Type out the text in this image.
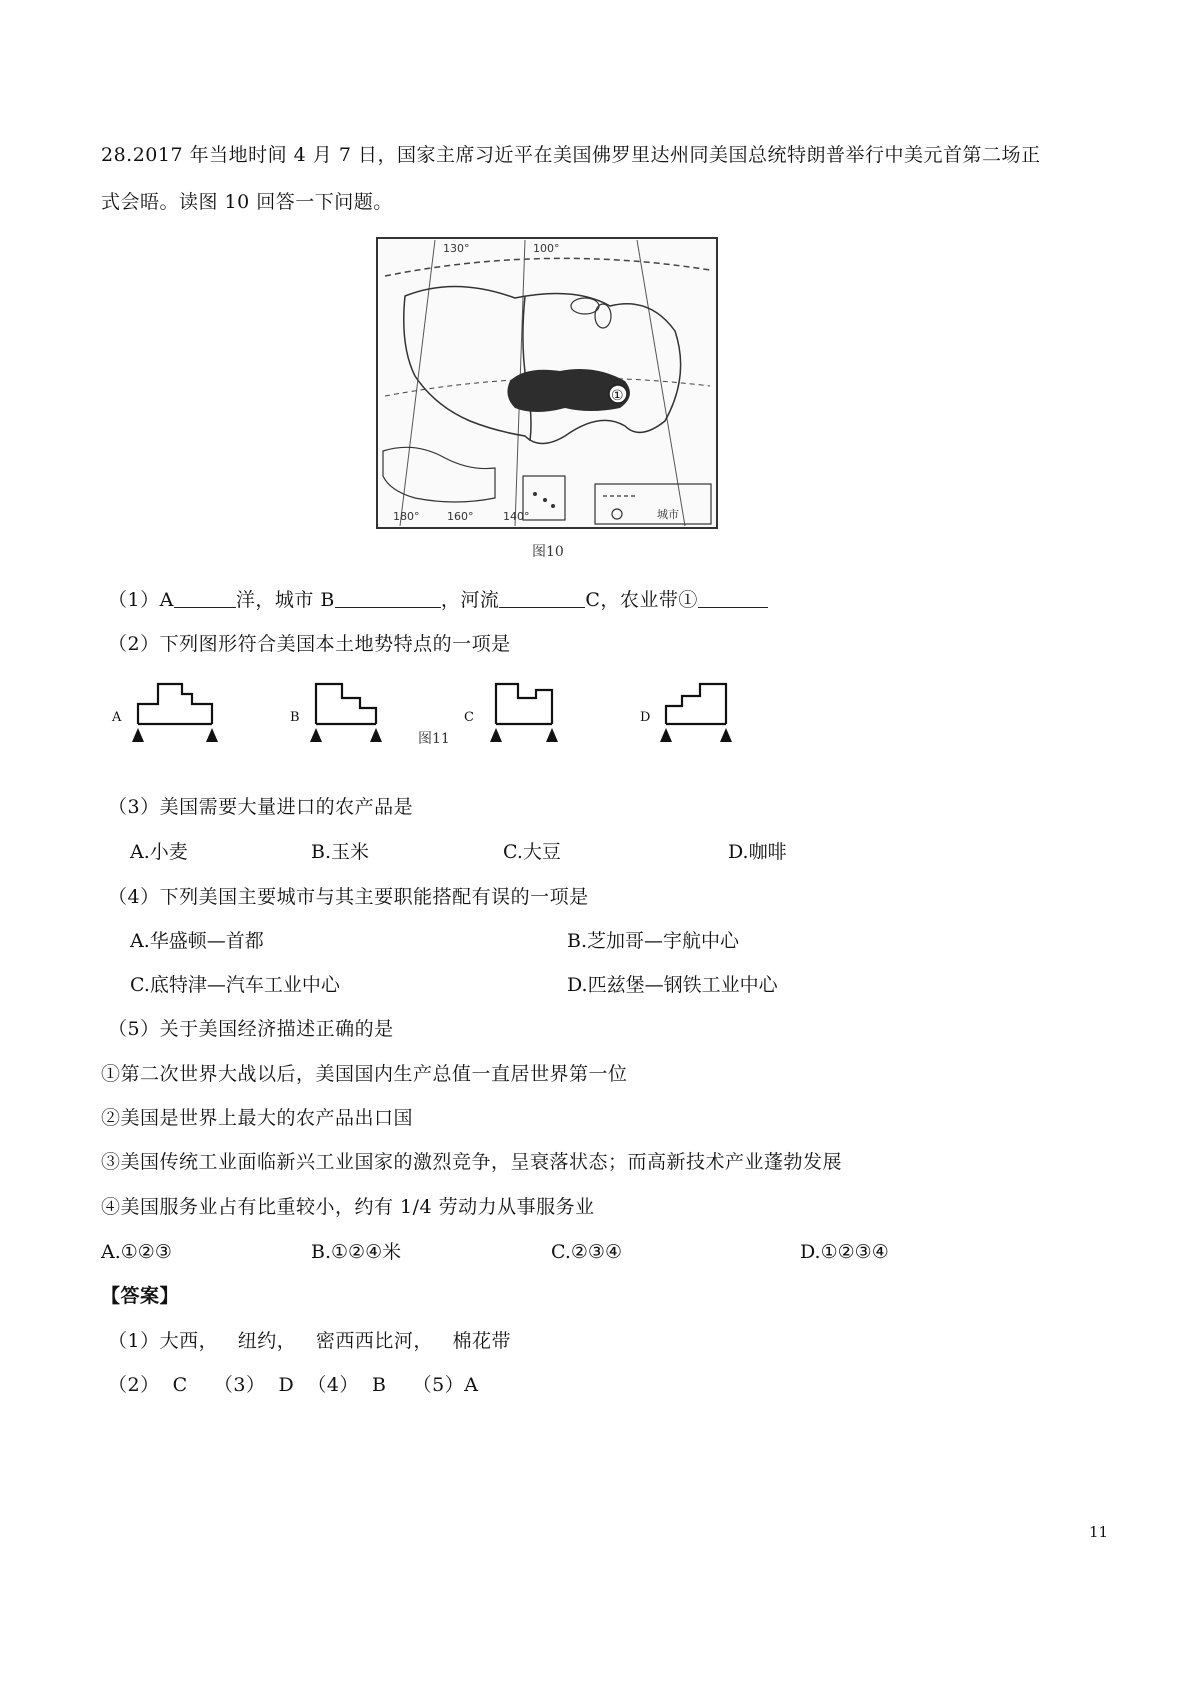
28.2017 年当地时间 4 月 7 日，国家主席习近平在美国佛罗里达州同美国总统特朗普举行中美元首第二场正
式会晤。读图 10 回答一下问题。
①
130°	100°
180°	160°	140°	城市
图10
（1）A	洋，城市 B	，河流	C，农业带①
（2）下列图形符合美国本土地势特点的一项是
A	B	C	D
图11
（3）美国需要大量进口的农产品是
A.小麦	B.玉米	C.大豆	D.咖啡
（4）下列美国主要城市与其主要职能搭配有误的一项是
A.华盛顿—首都	B.芝加哥—宇航中心
C.底特津—汽车工业中心	D.匹兹堡—钢铁工业中心
（5）关于美国经济描述正确的是
①第二次世界大战以后，美国国内生产总值一直居世界第一位
②美国是世界上最大的农产品出口国
③美国传统工业面临新兴工业国家的激烈竞争，呈衰落状态；而高新技术产业蓬勃发展
④美国服务业占有比重较小，约有 1/4 劳动力从事服务业
A.①②③	B.①②④米	C.②③④	D.①②③④
【答案】
（1）大西，   纽约，   密西西比河，   棉花带
（2）  C    （3）  D  （4）  B    （5）A
11
